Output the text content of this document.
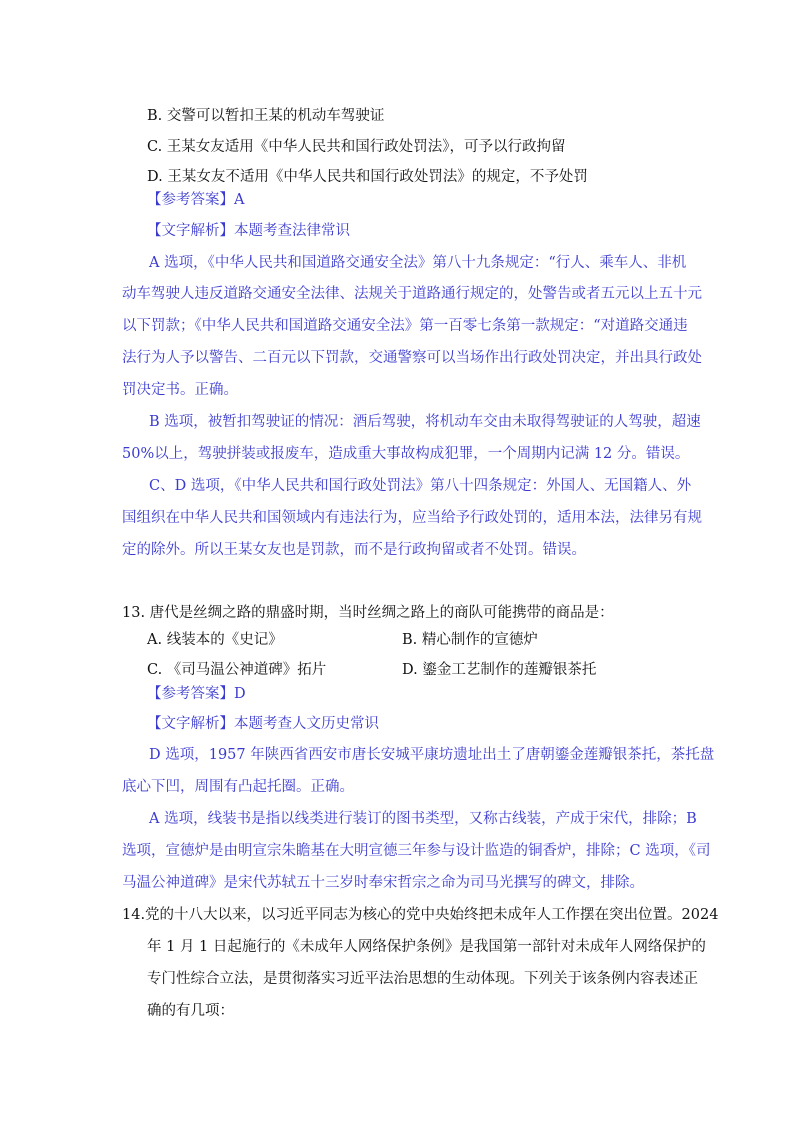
B. 交警可以暂扣王某的机动车驾驶证
C. 王某女友适用《中华人民共和国行政处罚法》，可予以行政拘留
D. 王某女友不适用《中华人民共和国行政处罚法》的规定，不予处罚
【参考答案】A
【文字解析】本题考查法律常识
A 选项，《中华人民共和国道路交通安全法》第八十九条规定：“行人、乘车人、非机
动车驾驶人违反道路交通安全法律、法规关于道路通行规定的，处警告或者五元以上五十元
以下罚款；《中华人民共和国道路交通安全法》第一百零七条第一款规定：“对道路交通违
法行为人予以警告、二百元以下罚款，交通警察可以当场作出行政处罚决定，并出具行政处
罚决定书。正确。
B 选项，被暂扣驾驶证的情况：酒后驾驶，将机动车交由未取得驾驶证的人驾驶，超速
50%以上，驾驶拼装或报废车，造成重大事故构成犯罪，一个周期内记满 12 分。错误。
C、D 选项，《中华人民共和国行政处罚法》第八十四条规定：外国人、无国籍人、外
国组织在中华人民共和国领域内有违法行为，应当给予行政处罚的，适用本法，法律另有规
定的除外。所以王某女友也是罚款，而不是行政拘留或者不处罚。错误。
13. 唐代是丝绸之路的鼎盛时期，当时丝绸之路上的商队可能携带的商品是：
A. 线装本的《史记》	B. 精心制作的宣德炉
C. 《司马温公神道碑》拓片	D. 鎏金工艺制作的莲瓣银茶托
【参考答案】D
【文字解析】本题考查人文历史常识
D 选项，1957 年陕西省西安市唐长安城平康坊遗址出土了唐朝鎏金莲瓣银茶托，茶托盘
底心下凹，周围有凸起托圈。正确。
A 选项，线装书是指以线类进行装订的图书类型，又称古线装，产成于宋代，排除；B
选项，宣德炉是由明宣宗朱瞻基在大明宣德三年参与设计监造的铜香炉，排除；C 选项，《司
马温公神道碑》是宋代苏轼五十三岁时奉宋哲宗之命为司马光撰写的碑文，排除。
14.党的十八大以来，以习近平同志为核心的党中央始终把未成年人工作摆在突出位置。2024
年 1 月 1 日起施行的《未成年人网络保护条例》是我国第一部针对未成年人网络保护的
专门性综合立法，是贯彻落实习近平法治思想的生动体现。下列关于该条例内容表述正
确的有几项：
